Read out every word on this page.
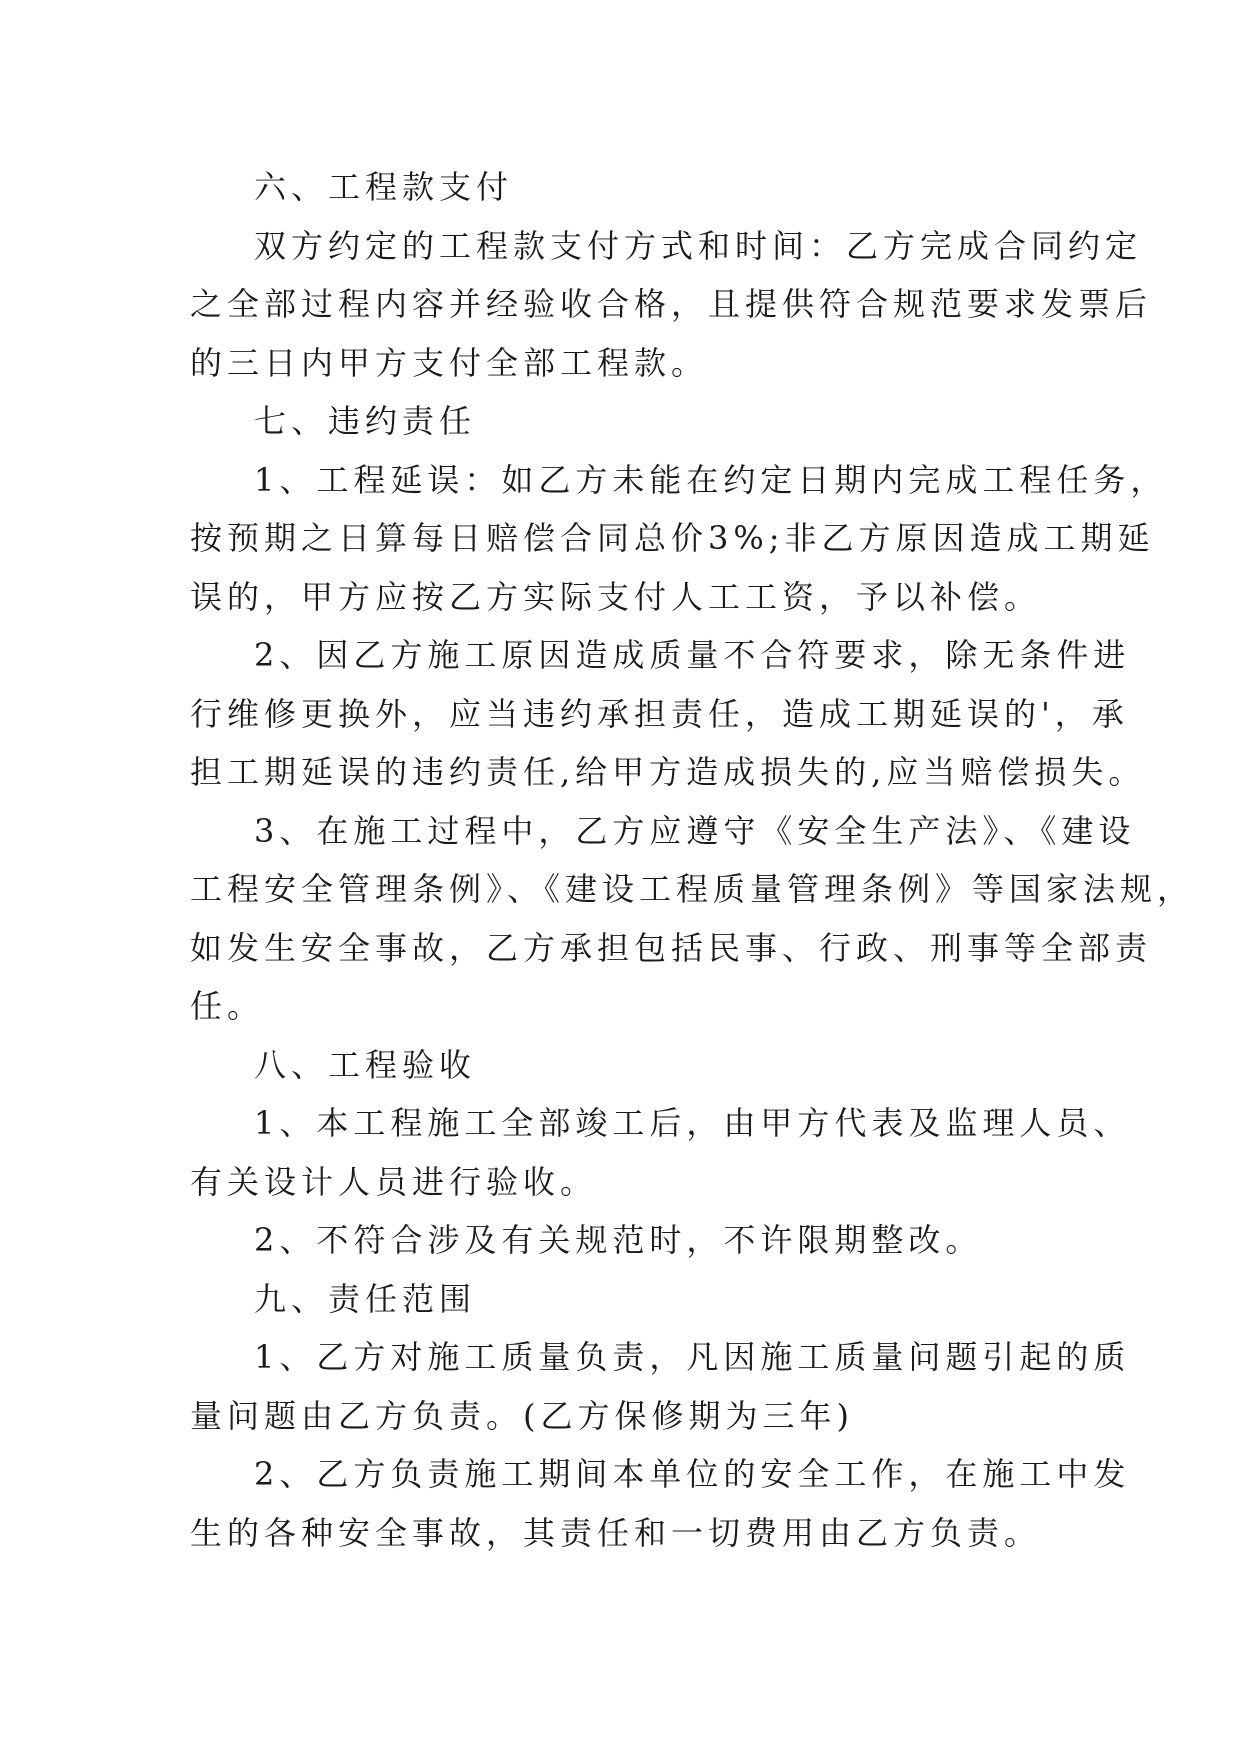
六、工程款支付
双方约定的工程款支付方式和时间：乙方完成合同约定
之全部过程内容并经验收合格，且提供符合规范要求发票后
的三日内甲方支付全部工程款。
七、违约责任
1、工程延误：如乙方未能在约定日期内完成工程任务，
按预期之日算每日赔偿合同总价3%;非乙方原因造成工期延
误的，甲方应按乙方实际支付人工工资，予以补偿。
2、因乙方施工原因造成质量不合符要求，除无条件进
行维修更换外，应当违约承担责任，造成工期延误的'，承
担工期延误的违约责任,给甲方造成损失的,应当赔偿损失。
3、在施工过程中，乙方应遵守《安全生产法》、《建设
工程安全管理条例》、《建设工程质量管理条例》等国家法规，
如发生安全事故，乙方承担包括民事、行政、刑事等全部责
任。
八、工程验收
1、本工程施工全部竣工后，由甲方代表及监理人员、
有关设计人员进行验收。
2、不符合涉及有关规范时，不许限期整改。
九、责任范围
1、乙方对施工质量负责，凡因施工质量问题引起的质
量问题由乙方负责。(乙方保修期为三年)
2、乙方负责施工期间本单位的安全工作，在施工中发
生的各种安全事故，其责任和一切费用由乙方负责。
